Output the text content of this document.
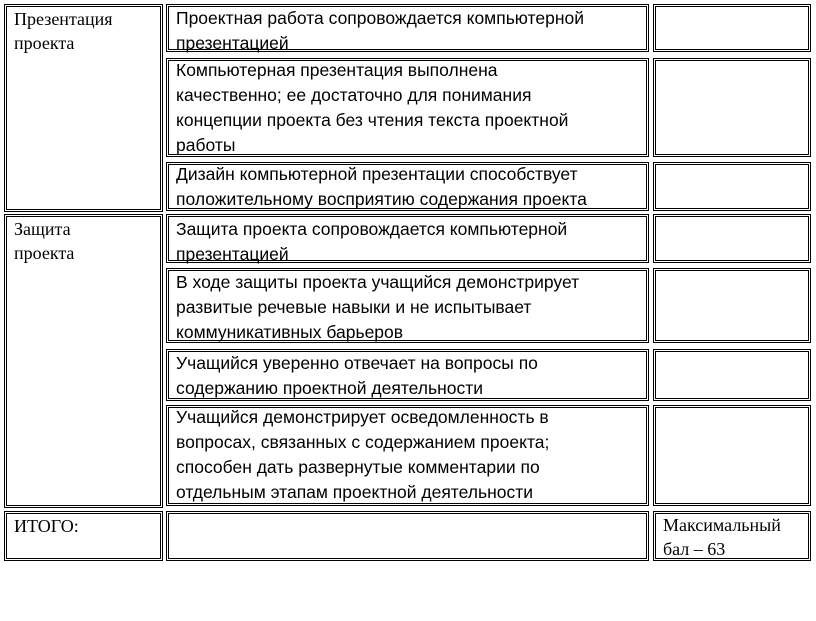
Презентация
проекта
Проектная работа сопровождается компьютерной
презентацией
Компьютерная презентация выполнена
качественно; ее достаточно для понимания
концепции проекта без чтения текста проектной
работы
Дизайн компьютерной презентации способствует
положительному восприятию содержания проекта
Защита
проекта
Защита проекта сопровождается компьютерной
презентацией
В ходе защиты проекта учащийся демонстрирует
развитые речевые навыки и не испытывает
коммуникативных барьеров
Учащийся уверенно отвечает на вопросы по
содержанию проектной деятельности
Учащийся демонстрирует осведомленность в
вопросах, связанных с содержанием проекта;
способен дать развернутые комментарии по
отдельным этапам проектной деятельности
ИТОГО:	Максимальный
бал – 63
